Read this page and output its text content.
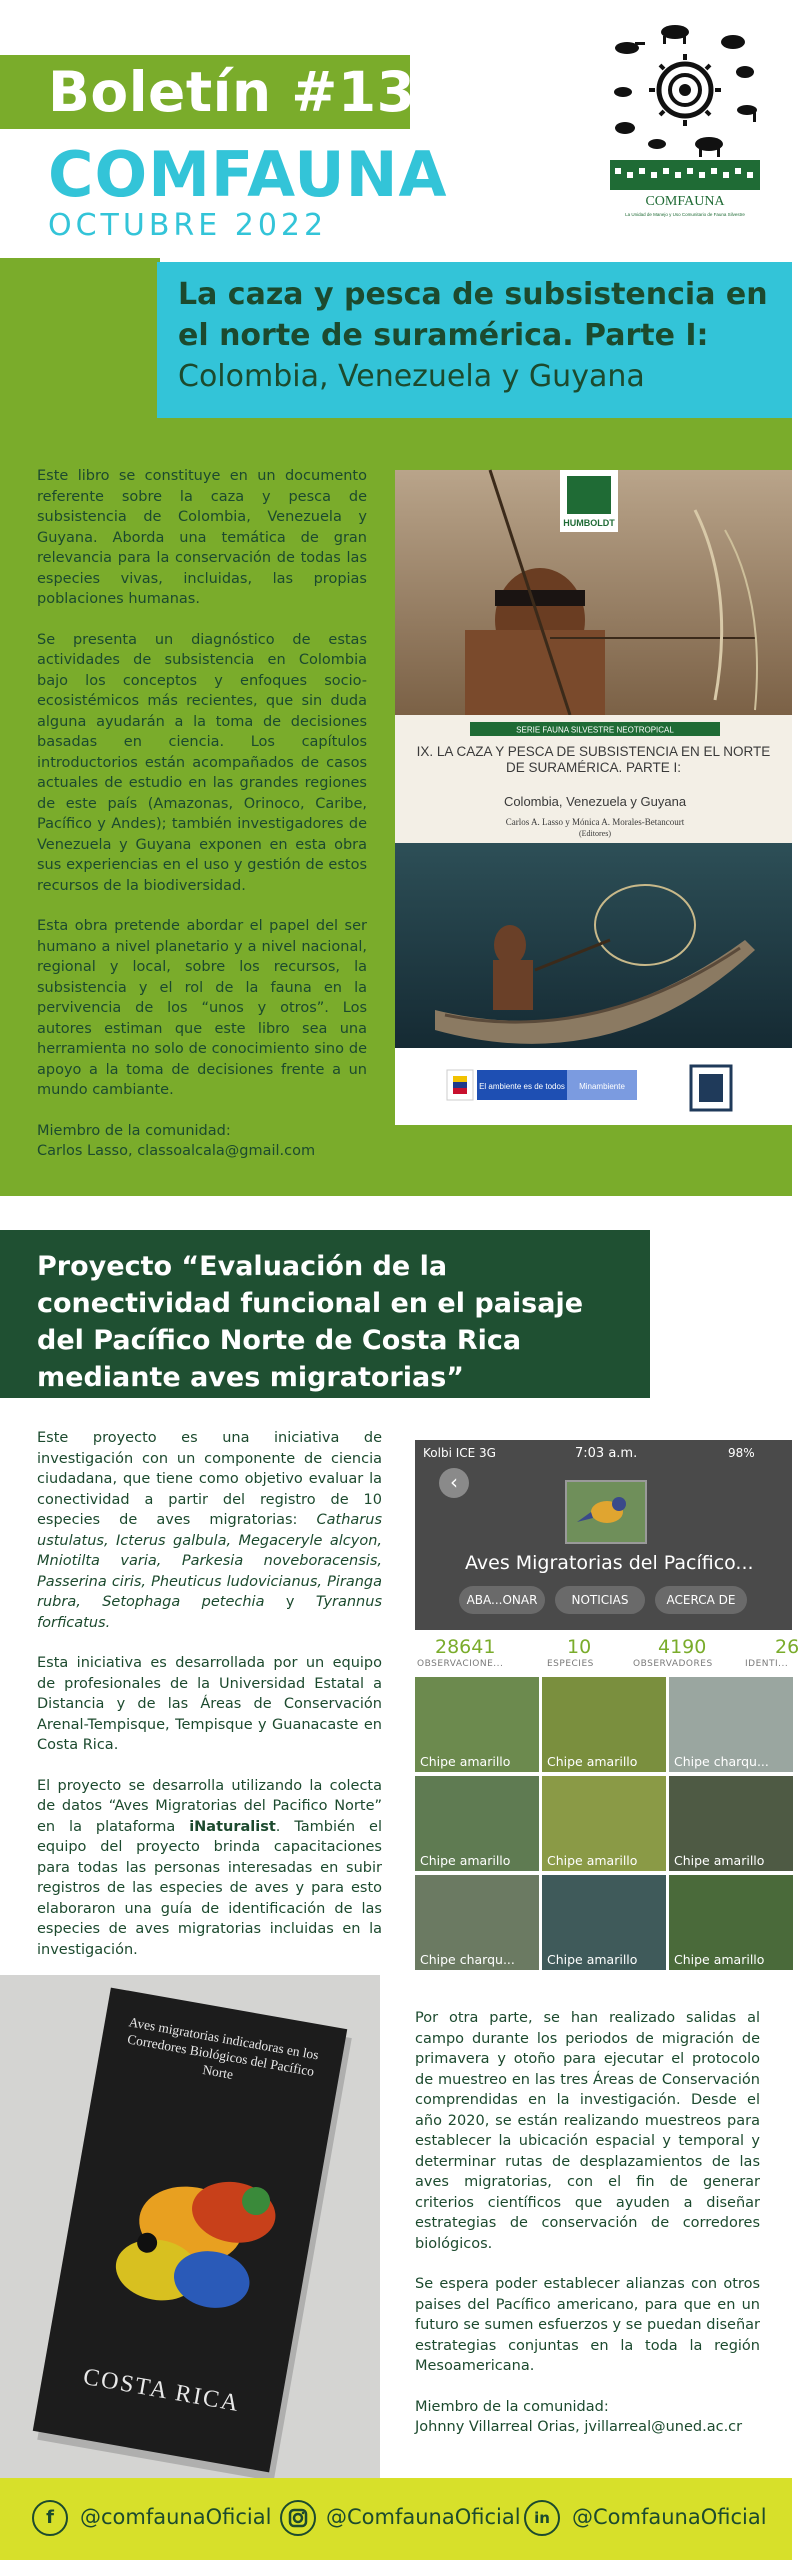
Boletín #13
COMFAUNA
OCTUBRE 2022
COMFAUNA
La Unidad de Manejo y Uso Comunitario de Fauna Silvestre
La caza y pesca de subsistencia en el norte de suramérica. Parte I:
Colombia, Venezuela y Guyana

Este libro se constituye en un documento referente sobre la caza y pesca de subsistencia de Colombia, Venezuela y Guyana. Aborda una temática de gran relevancia para la conservación de todas las especies vivas, incluidas, las propias poblaciones humanas.

Se presenta un diagnóstico de estas actividades de subsistencia en Colombia bajo los conceptos y enfoques socio-ecosistémicos más recientes, que sin duda alguna ayudarán a la toma de decisiones basadas en ciencia. Los capítulos introductorios están acompañados de casos actuales de estudio en las grandes regiones de este país (Amazonas, Orinoco, Caribe, Pacífico y Andes); también investigadores de Venezuela y Guyana exponen en esta obra sus experiencias en el uso y gestión de estos recursos de la biodiversidad.

Esta obra pretende abordar el papel del ser humano a nivel planetario y a nivel nacional, regional y local, sobre los recursos, la subsistencia y el rol de la fauna en la pervivencia de los “unos y otros”. Los autores estiman que este libro sea una herramienta no solo de conocimiento sino de apoyo a la toma de decisiones frente a un mundo cambiante.

Miembro de la comunidad:
Carlos Lasso, classoalcala@gmail.com

HUMBOLDT
SERIE FAUNA SILVESTRE NEOTROPICAL
IX. LA CAZA Y PESCA DE SUBSISTENCIA EN EL NORTE DE SURAMÉRICA. PARTE I:
Colombia, Venezuela y Guyana
Carlos A. Lasso y Mónica A. Morales-Betancourt
(Editores)
El ambiente es de todos Minambiente
Proyecto “Evaluación de la conectividad funcional en el paisaje del Pacífico Norte de Costa Rica mediante aves migratorias”

Este proyecto es una iniciativa de investigación con un componente de ciencia ciudadana, que tiene como objetivo evaluar la conectividad a partir del registro de 10 especies de aves migratorias: Catharus ustulatus, Icterus galbula, Megaceryle alcyon, Mniotilta varia, Parkesia noveboracensis, Passerina ciris, Pheuticus ludovicianus, Piranga rubra, Setophaga petechia y Tyrannus forficatus.

Esta iniciativa es desarrollada por un equipo de profesionales de la Universidad Estatal a Distancia y de las Áreas de Conservación Arenal-Tempisque, Tempisque y Guanacaste en Costa Rica.

El proyecto se desarrolla utilizando la colecta de datos “Aves Migratorias del Pacifico Norte” en la plataforma iNaturalist. También el equipo del proyecto brinda capacitaciones para todas las personas interesadas en subir registros de las especies de aves y para esto elaboraron una guía de identificación de las especies de aves migratorias incluidas en la investigación.

Kolbi ICE 3G	7:03 a.m.	98%
‹
Aves Migratorias del Pacífico...
ABA...ONAR	NOTICIAS	ACERCA DE
28641
OBSERVACIONE...
10
ESPECIES
4190
OBSERVADORES
26
IDENTI...
Chipe amarillo	Chipe amarillo	Chipe charqu...
Chipe amarillo	Chipe amarillo	Chipe amarillo
Chipe charqu...	Chipe amarillo	Chipe amarillo
Aves migratorias indicadoras en los Corredores Biológicos del Pacífico Norte
COSTA RICA

Por otra parte, se han realizado salidas al campo durante los periodos de migración de primavera y otoño para ejecutar el protocolo de muestreo en las tres Áreas de Conservación comprendidas en la investigación. Desde el año 2020, se están realizando muestreos para establecer la ubicación espacial y temporal y determinar rutas de desplazamientos de las aves migratorias, con el fin de generar criterios científicos que ayuden a diseñar estrategias de conservación de corredores biológicos.

Se espera poder establecer alianzas con otros paises del Pacífico americano, para que en un futuro se sumen esfuerzos y se puedan diseñar estrategias conjuntas en la toda la región Mesoamericana.

Miembro de la comunidad:
Johnny Villarreal Orias, jvillarreal@uned.ac.cr

f	@comfaunaOficial	@ComfaunaOficial in	@ComfaunaOficial
